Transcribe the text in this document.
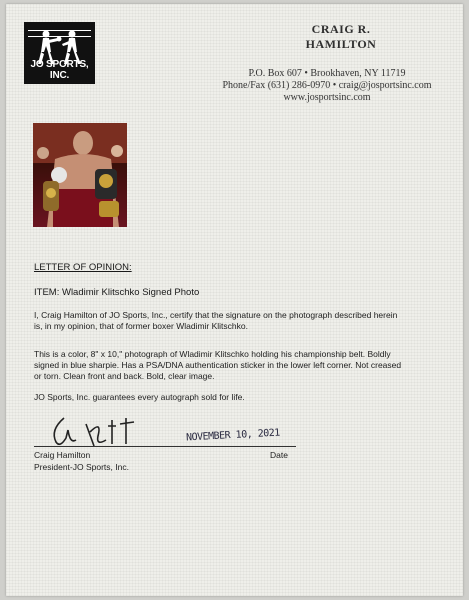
JO SPORTS, INC.
CRAIG R. HAMILTON
P.O. Box 607 • Brookhaven, NY 11719
Phone/Fax (631) 286-0970 • craig@josportsinc.com
www.josportsinc.com
LETTER OF OPINION:
ITEM: Wladimir Klitschko Signed Photo
I, Craig Hamilton of JO Sports, Inc., certify that the signature on the photograph described herein is, in my opinion, that of former boxer Wladimir Klitschko.
This is a color, 8" x 10," photograph of Wladimir Klitschko holding his championship belt. Boldly signed in blue sharpie. Has a PSA/DNA authentication sticker in the lower left corner. Not creased or torn. Clean front and back. Bold, clear image.
JO Sports, Inc. guarantees every autograph sold for life.
NOVEMBER 10, 2021
Craig Hamilton	Date
President-JO Sports, Inc.
